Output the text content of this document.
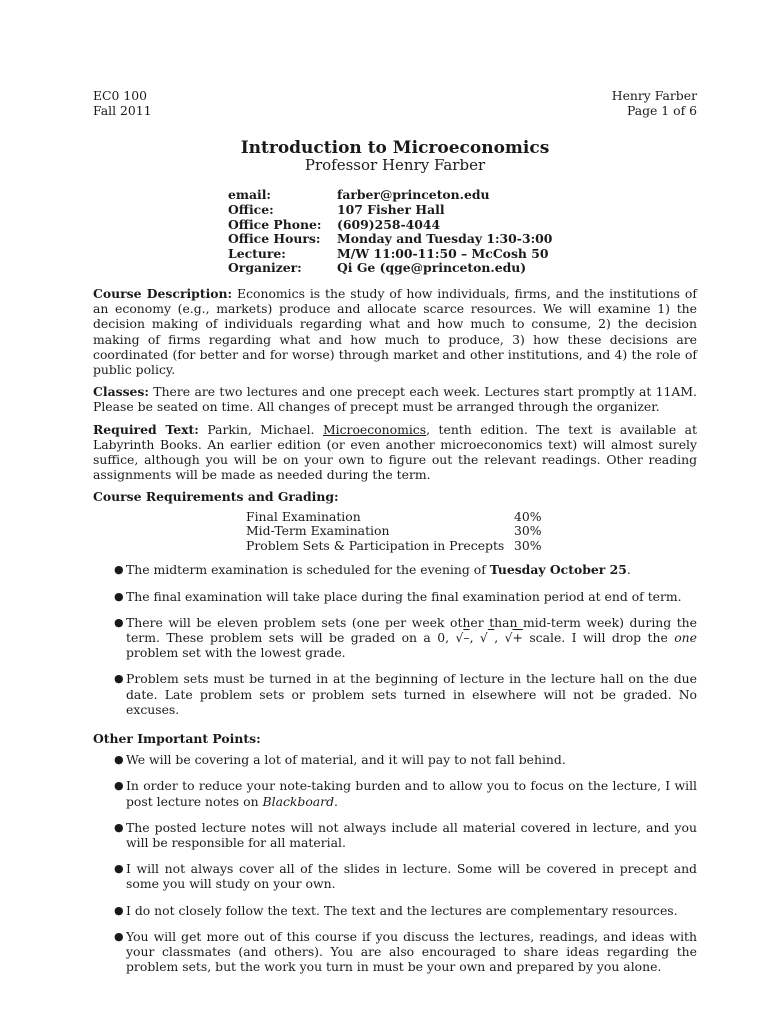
EC0 100	Henry Farber
Fall 2011	Page 1 of 6
Introduction to Microeconomics
Professor Henry Farber
email:	farber@princeton.edu
Office:	107 Fisher Hall
Office Phone:	(609)258-4044
Office Hours:	Monday and Tuesday 1:30-3:00
Lecture:	M/W 11:00-11:50 – McCosh 50
Organizer:	Qi Ge (qge@princeton.edu)

Course Description: Economics is the study of how individuals, firms, and the institutions of an economy (e.g., markets) produce and allocate scarce resources. We will examine 1) the decision making of individuals regarding what and how much to consume, 2) the decision making of firms regarding what and how much to produce, 3) how these decisions are coordinated (for better and for worse) through market and other institutions, and 4) the role of public policy.

Classes: There are two lectures and one precept each week. Lectures start promptly at 11AM. Please be seated on time. All changes of precept must be arranged through the organizer.

Required Text: Parkin, Michael. Microeconomics, tenth edition. The text is available at Labyrinth Books. An earlier edition (or even another microeconomics text) will almost surely suffice, although you will be on your own to figure out the relevant readings. Other reading assignments will be made as needed during the term.

Course Requirements and Grading:
Final Examination	40%
Mid-Term Examination	30%
Problem Sets & Participation in Precepts 30%
● The midterm examination is scheduled for the evening of Tuesday October 25.
● The final examination will take place during the final examination period at end of term.
● There will be eleven problem sets (one per week other than mid-term week) during the term. These problem sets will be graded on a 0, √–, √ , √+ scale. I will drop the one problem set with the lowest grade.
● Problem sets must be turned in at the beginning of lecture in the lecture hall on the due date. Late problem sets or problem sets turned in elsewhere will not be graded. No excuses.
Other Important Points:
● We will be covering a lot of material, and it will pay to not fall behind.
● In order to reduce your note-taking burden and to allow you to focus on the lecture, I will post lecture notes on Blackboard.
● The posted lecture notes will not always include all material covered in lecture, and you will be responsible for all material.
● I will not always cover all of the slides in lecture. Some will be covered in precept and some you will study on your own.
● I do not closely follow the text. The text and the lectures are complementary resources.
● You will get more out of this course if you discuss the lectures, readings, and ideas with your classmates (and others). You are also encouraged to share ideas regarding the problem sets, but the work you turn in must be your own and prepared by you alone.
